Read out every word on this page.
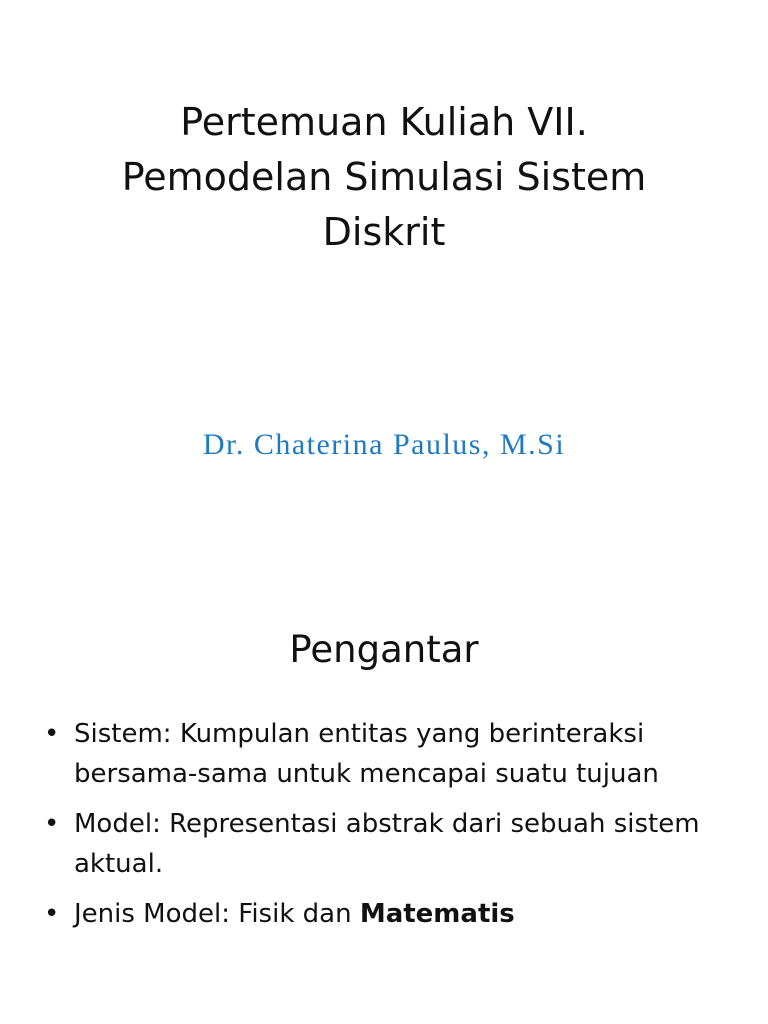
Pertemuan Kuliah VII.
Pemodelan Simulasi Sistem
Diskrit
Dr. Chaterina Paulus, M.Si
Pengantar
• Sistem: Kumpulan entitas yang berinteraksi bersama-sama untuk mencapai suatu tujuan
• Model: Representasi abstrak dari sebuah sistem aktual.
• Jenis Model: Fisik dan Matematis
